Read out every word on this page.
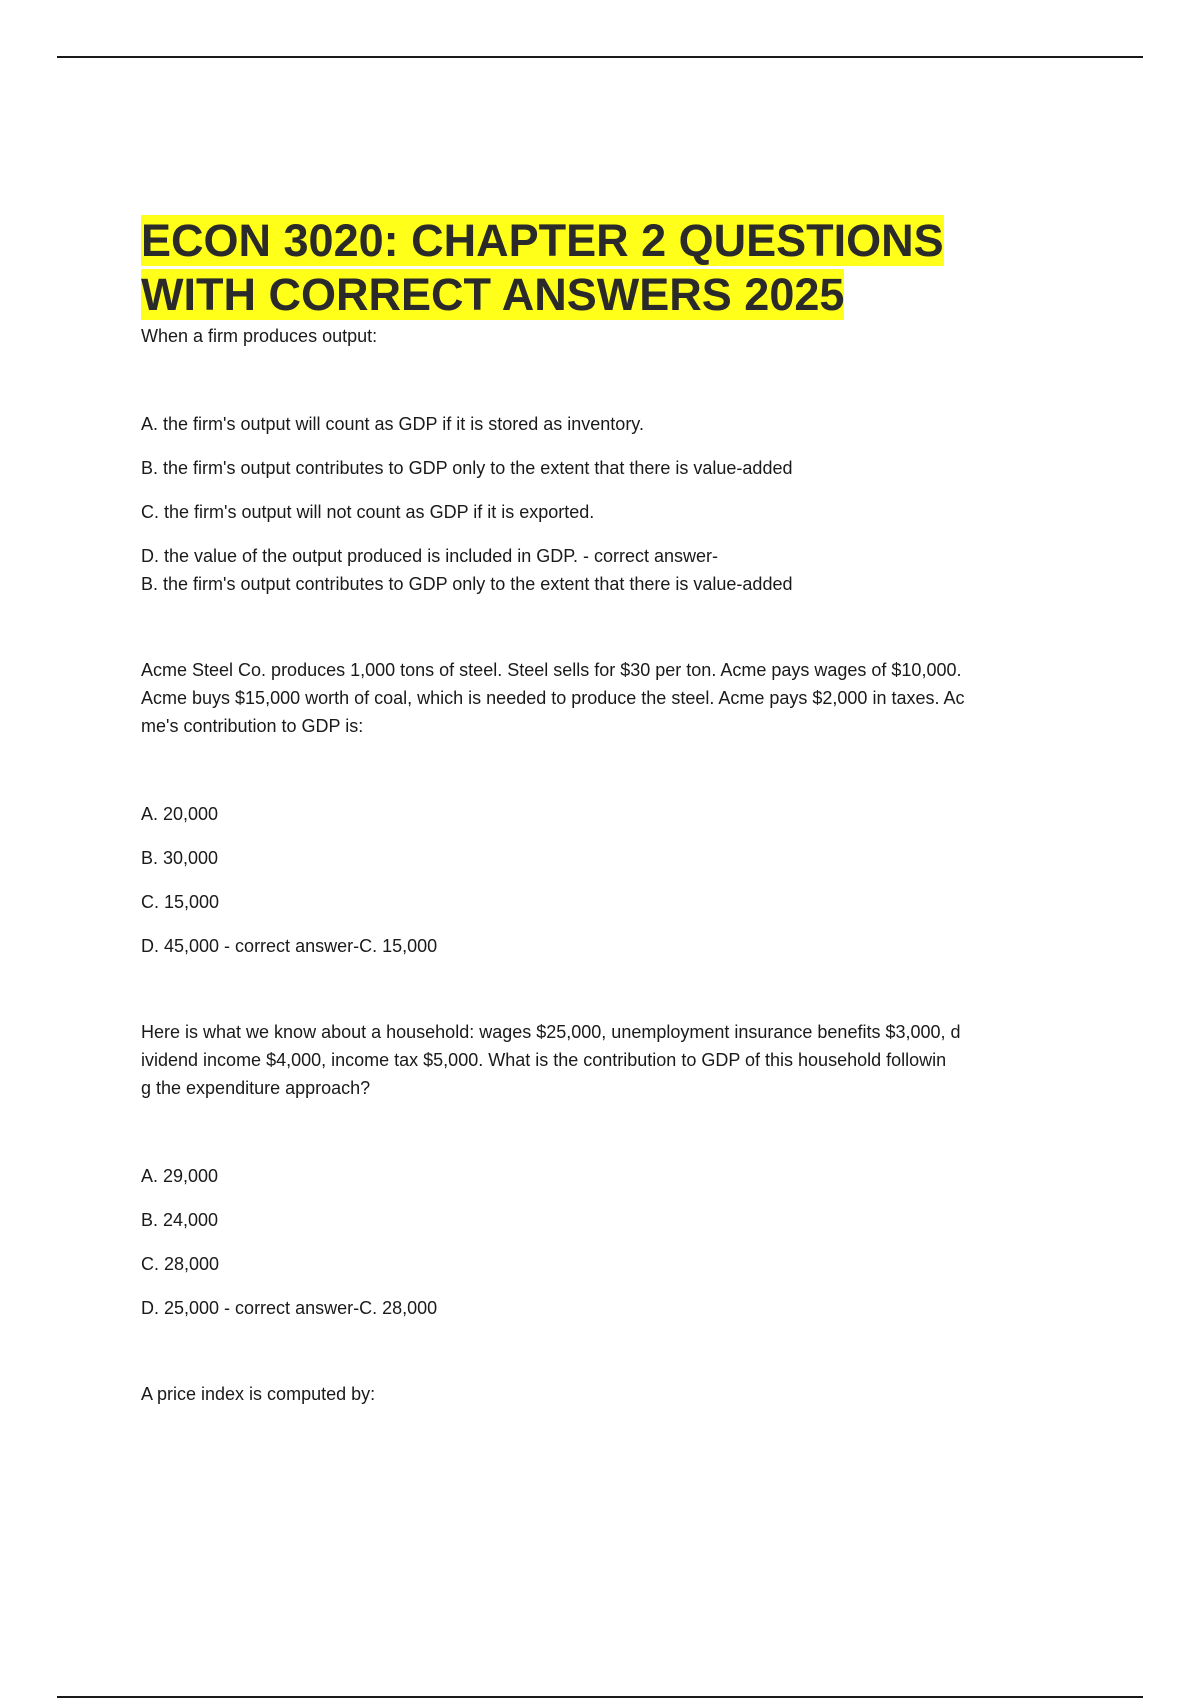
ECON 3020: CHAPTER 2 QUESTIONS
WITH CORRECT ANSWERS 2025

When a firm produces output:

A. the firm's output will count as GDP if it is stored as inventory.

B. the firm's output contributes to GDP only to the extent that there is value-added

C. the firm's output will not count as GDP if it is exported.

D. the value of the output produced is included in GDP. - correct answer-

B. the firm's output contributes to GDP only to the extent that there is value-added

Acme Steel Co. produces 1,000 tons of steel. Steel sells for $30 per ton. Acme pays wages of $10,000.

Acme buys $15,000 worth of coal, which is needed to produce the steel. Acme pays $2,000 in taxes. Ac

me's contribution to GDP is:

A. 20,000

B. 30,000

C. 15,000

D. 45,000 - correct answer-C. 15,000

Here is what we know about a household: wages $25,000, unemployment insurance benefits $3,000, d

ividend income $4,000, income tax $5,000. What is the contribution to GDP of this household followin

g the expenditure approach?

A. 29,000

B. 24,000

C. 28,000

D. 25,000 - correct answer-C. 28,000

A price index is computed by:
